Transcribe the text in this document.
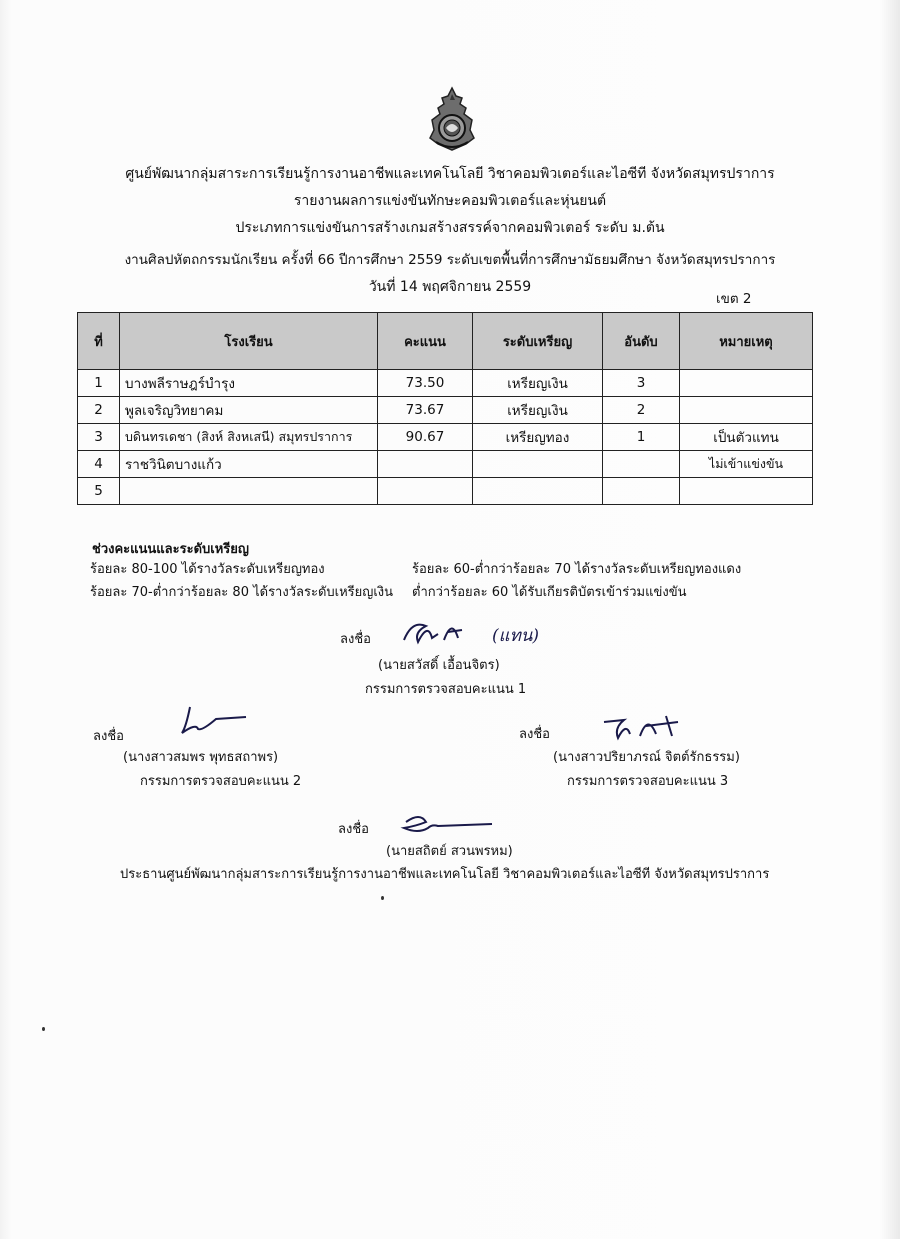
ศูนย์พัฒนากลุ่มสาระการเรียนรู้การงานอาชีพและเทคโนโลยี วิชาคอมพิวเตอร์และไอซีที จังหวัดสมุทรปราการ
รายงานผลการแข่งขันทักษะคอมพิวเตอร์และหุ่นยนต์
ประเภทการแข่งขันการสร้างเกมสร้างสรรค์จากคอมพิวเตอร์ ระดับ ม.ต้น
งานศิลปหัตถกรรมนักเรียน ครั้งที่ 66 ปีการศึกษา 2559 ระดับเขตพื้นที่การศึกษามัธยมศึกษา จังหวัดสมุทรปราการ
วันที่ 14 พฤศจิกายน 2559
เขต 2
ที่	โรงเรียน	คะแนน	ระดับเหรียญ	อันดับ	หมายเหตุ
1	บางพลีราษฎร์บำรุง	73.50	เหรียญเงิน	3	
2	พูลเจริญวิทยาคม	73.67	เหรียญเงิน	2	
3	บดินทรเดชา (สิงห์ สิงหเสนี) สมุทรปราการ	90.67	เหรียญทอง	1	เป็นตัวแทน
4	ราชวินิตบางแก้ว				ไม่เข้าแข่งขัน
5					
ช่วงคะแนนและระดับเหรียญ
ร้อยละ 80-100 ได้รางวัลระดับเหรียญทอง	ร้อยละ 60-ต่ำกว่าร้อยละ 70 ได้รางวัลระดับเหรียญทองแดง
ร้อยละ 70-ต่ำกว่าร้อยละ 80 ได้รางวัลระดับเหรียญเงิน ต่ำกว่าร้อยละ 60 ได้รับเกียรติบัตรเข้าร่วมแข่งขัน
ลงชื่อ	(แทน)
(นายสวัสดิ์ เอื้อนจิตร)
กรรมการตรวจสอบคะแนน 1
ลงชื่อ
(นางสาวสมพร พุทธสถาพร)
กรรมการตรวจสอบคะแนน 2
ลงชื่อ
(นางสาวปริยาภรณ์ จิตต์รักธรรม)
กรรมการตรวจสอบคะแนน 3
ลงชื่อ
(นายสถิตย์ สวนพรหม)
ประธานศูนย์พัฒนากลุ่มสาระการเรียนรู้การงานอาชีพและเทคโนโลยี วิชาคอมพิวเตอร์และไอซีที จังหวัดสมุทรปราการ
